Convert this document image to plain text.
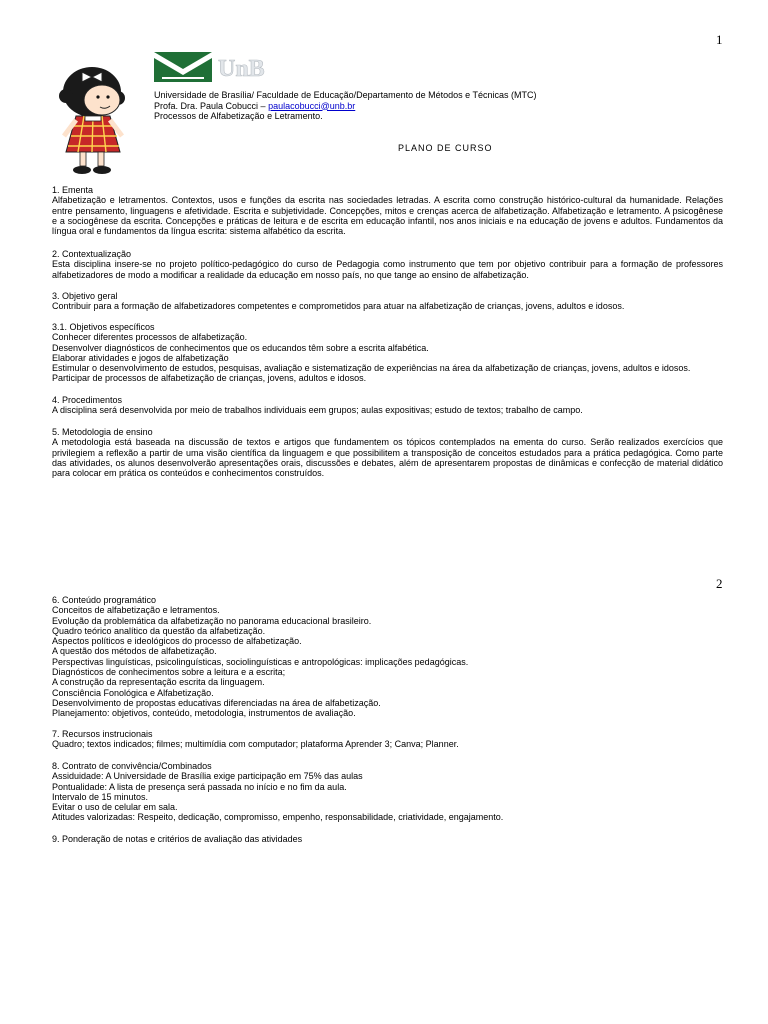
1
UnB
Universidade de Brasília/ Faculdade de Educação/Departamento de Métodos e Técnicas (MTC)
Profa. Dra. Paula Cobucci – paulacobucci@unb.br
Processos de Alfabetização e Letramento.
PLANO DE CURSO
1. Ementa
Alfabetização e letramentos. Contextos, usos e funções da escrita nas sociedades letradas. A escrita como construção histórico-cultural da humanidade. Relações entre pensamento, linguagens e afetividade. Escrita e subjetividade. Concepções, mitos e crenças acerca de alfabetização. Alfabetização e letramento. A psicogênese e a sociogênese da escrita. Concepções e práticas de leitura e de escrita em educação infantil, nos anos iniciais e na educação de jovens e adultos. Fundamentos da língua oral e fundamentos da língua escrita: sistema alfabético da escrita.
2. Contextualização
Esta disciplina insere-se no projeto político-pedagógico do curso de Pedagogia como instrumento que tem por objetivo contribuir para a formação de professores alfabetizadores de modo a modificar a realidade da educação em nosso país, no que tange ao ensino de alfabetização.
3. Objetivo geral
Contribuir para a formação de alfabetizadores competentes e comprometidos para atuar na alfabetização de crianças, jovens, adultos e idosos.
3.1. Objetivos específicos
Conhecer diferentes processos de alfabetização.
Desenvolver diagnósticos de conhecimentos que os educandos têm sobre a escrita alfabética.
Elaborar atividades e jogos de alfabetização
Estimular o desenvolvimento de estudos, pesquisas, avaliação e sistematização de experiências na área da alfabetização de crianças, jovens, adultos e idosos.
Participar de processos de alfabetização de crianças, jovens, adultos e idosos.
4. Procedimentos
A disciplina será desenvolvida por meio de trabalhos individuais eem grupos; aulas expositivas; estudo de textos; trabalho de campo.
5. Metodologia de ensino
A metodologia está baseada na discussão de textos e artigos que fundamentem os tópicos contemplados na ementa do curso. Serão realizados exercícios que privilegiem a reflexão a partir de uma visão científica da linguagem e que possibilitem a transposição de conceitos estudados para a prática pedagógica. Como parte das atividades, os alunos desenvolverão apresentações orais, discussões e debates, além de apresentarem propostas de dinâmicas e confecção de material didático para colocar em prática os conteúdos e conhecimentos construídos.
2
6. Conteúdo programático
Conceitos de alfabetização e letramentos.
Evolução da problemática da alfabetização no panorama educacional brasileiro.
Quadro teórico analítico da questão da alfabetização.
Aspectos políticos e ideológicos do processo de alfabetização.
A questão dos métodos de alfabetização.
Perspectivas linguísticas, psicolinguísticas, sociolinguísticas e antropológicas: implicações pedagógicas.
Diagnósticos de conhecimentos sobre a leitura e a escrita;
A construção da representação escrita da linguagem.
Consciência Fonológica e Alfabetização.
Desenvolvimento de propostas educativas diferenciadas na área de alfabetização.
Planejamento: objetivos, conteúdo, metodologia, instrumentos de avaliação.
7. Recursos instrucionais
Quadro; textos indicados; filmes; multimídia com computador; plataforma Aprender 3; Canva; Planner.
8. Contrato de convivência/Combinados
Assiduidade: A Universidade de Brasília exige participação em 75% das aulas
Pontualidade: A lista de presença será passada no início e no fim da aula.
Intervalo de 15 minutos.
Evitar o uso de celular em sala.
Atitudes valorizadas: Respeito, dedicação, compromisso, empenho, responsabilidade, criatividade, engajamento.
9. Ponderação de notas e critérios de avaliação das atividades
